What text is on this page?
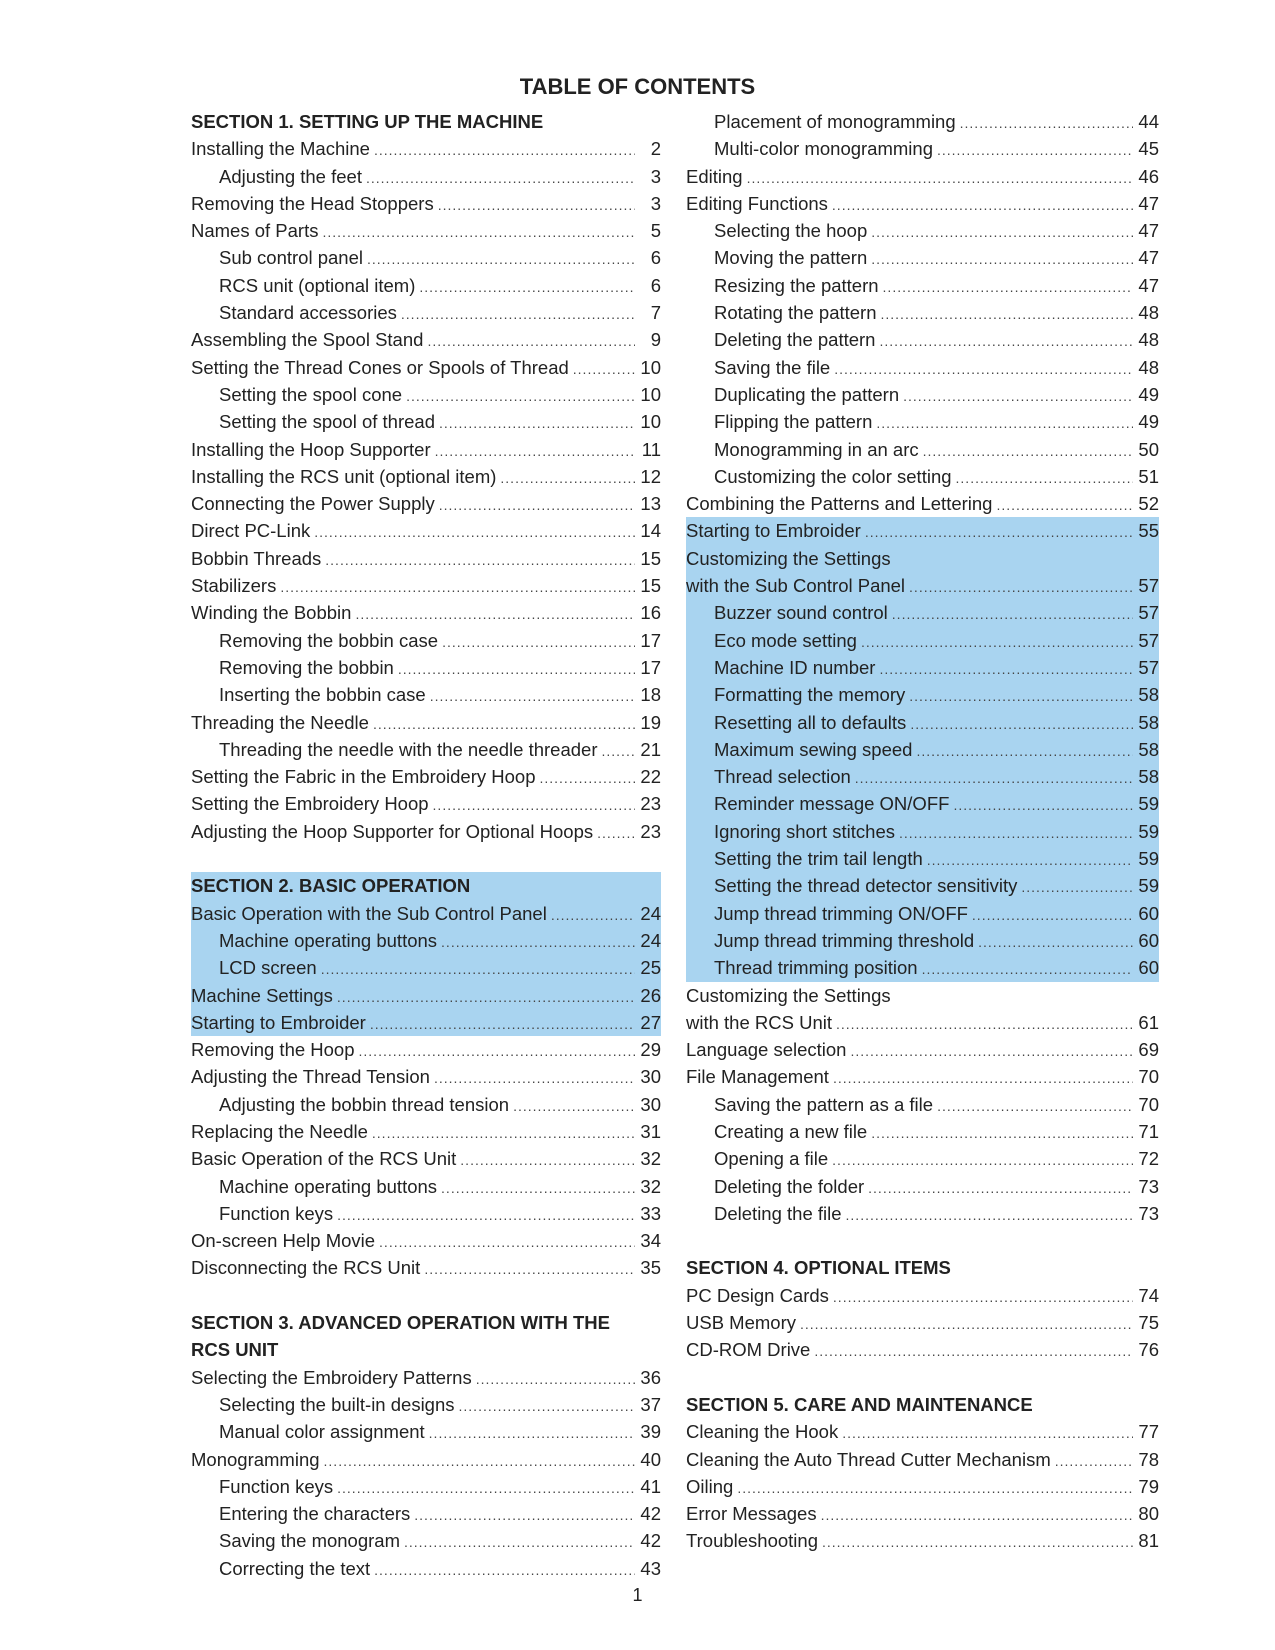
TABLE OF CONTENTS
SECTION 1. SETTING UP THE MACHINE
Installing the Machine .....	2
Adjusting the feet .....	3
Removing the Head Stoppers .....	3
Names of Parts .....	5
Sub control panel .....	6
RCS unit (optional item) .....	6
Standard accessories .....	7
Assembling the Spool Stand .....	9
Setting the Thread Cones or Spools of Thread .....	10
Setting the spool cone .....	10
Setting the spool of thread .....	10
Installing the Hoop Supporter .....	11
Installing the RCS unit (optional item) .....	12
Connecting the Power Supply .....	13
Direct PC-Link .....	14
Bobbin Threads .....	15
Stabilizers .....	15
Winding the Bobbin .....	16
Removing the bobbin case .....	17
Removing the bobbin .....	17
Inserting the bobbin case .....	18
Threading the Needle .....	19
Threading the needle with the needle threader ..... 21
Setting the Fabric in the Embroidery Hoop .....	22
Setting the Embroidery Hoop .....	23
Adjusting the Hoop Supporter for Optional Hoops .....	23
SECTION 2. BASIC OPERATION
Basic Operation with the Sub Control Panel .....	24
Machine operating buttons .....	24
LCD screen .....	25
Machine Settings .....	26
Starting to Embroider .....	27
Removing the Hoop .....	29
Adjusting the Thread Tension .....	30
Adjusting the bobbin thread tension .....	30
Replacing the Needle .....	31
Basic Operation of the RCS Unit .....	32
Machine operating buttons .....	32
Function keys .....	33
On-screen Help Movie .....	34
Disconnecting the RCS Unit .....	35
SECTION 3. ADVANCED OPERATION WITH THE
RCS UNIT
Selecting the Embroidery Patterns .....	36
Selecting the built-in designs .....	37
Manual color assignment .....	39
Monogramming .....	40
Function keys .....	41
Entering the characters .....	42
Saving the monogram .....	42
Correcting the text .....	43
Placement of monogramming .....	44
Multi-color monogramming .....	45
Editing .....	46
Editing Functions .....	47
Selecting the hoop .....	47
Moving the pattern .....	47
Resizing the pattern .....	47
Rotating the pattern .....	48
Deleting the pattern .....	48
Saving the file .....	48
Duplicating the pattern .....	49
Flipping the pattern .....	49
Monogramming in an arc .....	50
Customizing the color setting .....	51
Combining the Patterns and Lettering .....	52
Starting to Embroider .....	55
Customizing the Settings
with the Sub Control Panel .....	57
Buzzer sound control .....	57
Eco mode setting .....	57
Machine ID number .....	57
Formatting the memory .....	58
Resetting all to defaults .....	58
Maximum sewing speed .....	58
Thread selection .....	58
Reminder message ON/OFF .....	59
Ignoring short stitches .....	59
Setting the trim tail length .....	59
Setting the thread detector sensitivity .....	59
Jump thread trimming ON/OFF .....	60
Jump thread trimming threshold .....	60
Thread trimming position .....	60
Customizing the Settings
with the RCS Unit .....	61
Language selection .....	69
File Management .....	70
Saving the pattern as a file .....	70
Creating a new file .....	71
Opening a file .....	72
Deleting the folder .....	73
Deleting the file .....	73
SECTION 4. OPTIONAL ITEMS
PC Design Cards .....	74
USB Memory .....	75
CD-ROM Drive .....	76
SECTION 5. CARE AND MAINTENANCE
Cleaning the Hook .....	77
Cleaning the Auto Thread Cutter Mechanism .....	78
Oiling .....	79
Error Messages .....	80
Troubleshooting .....	81
1
